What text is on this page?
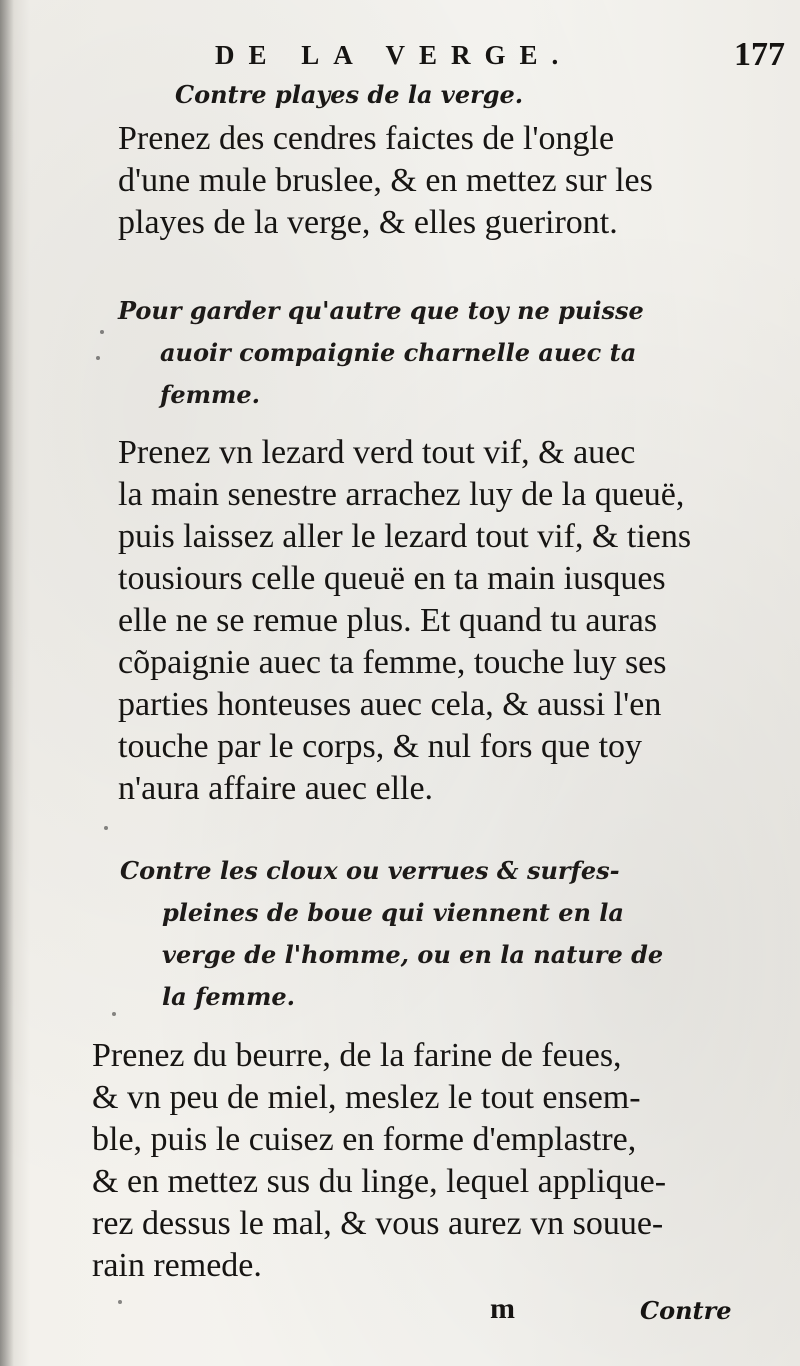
DE LA VERGE.	177
Contre playes de la verge.

Prenez des cendres faictes de l'ongle
d'une mule bruslee, & en mettez sur les
playes de la verge, & elles gueriront.

Pour garder qu'autre que toy ne puisse
auoir compaignie charnelle auec ta
femme.

Prenez vn lezard verd tout vif, & auec
la main senestre arrachez luy de la queuë,
puis laissez aller le lezard tout vif, & tiens
tousiours celle queuë en ta main iusques
elle ne se remue plus. Et quand tu auras
cõpaignie auec ta femme, touche luy ses
parties honteuses auec cela, & aussi l'en
touche par le corps, & nul fors que toy
n'aura affaire auec elle.

Contre les cloux ou verrues & surfes-
pleines de boue qui viennent en la
verge de l'homme, ou en la nature de
la femme.

Prenez du beurre, de la farine de feues,
& vn peu de miel, meslez le tout ensem-
ble, puis le cuisez en forme d'emplastre,
& en mettez sus du linge, lequel applique-
rez dessus le mal, & vous aurez vn souue-
rain remede.

m	Contre
